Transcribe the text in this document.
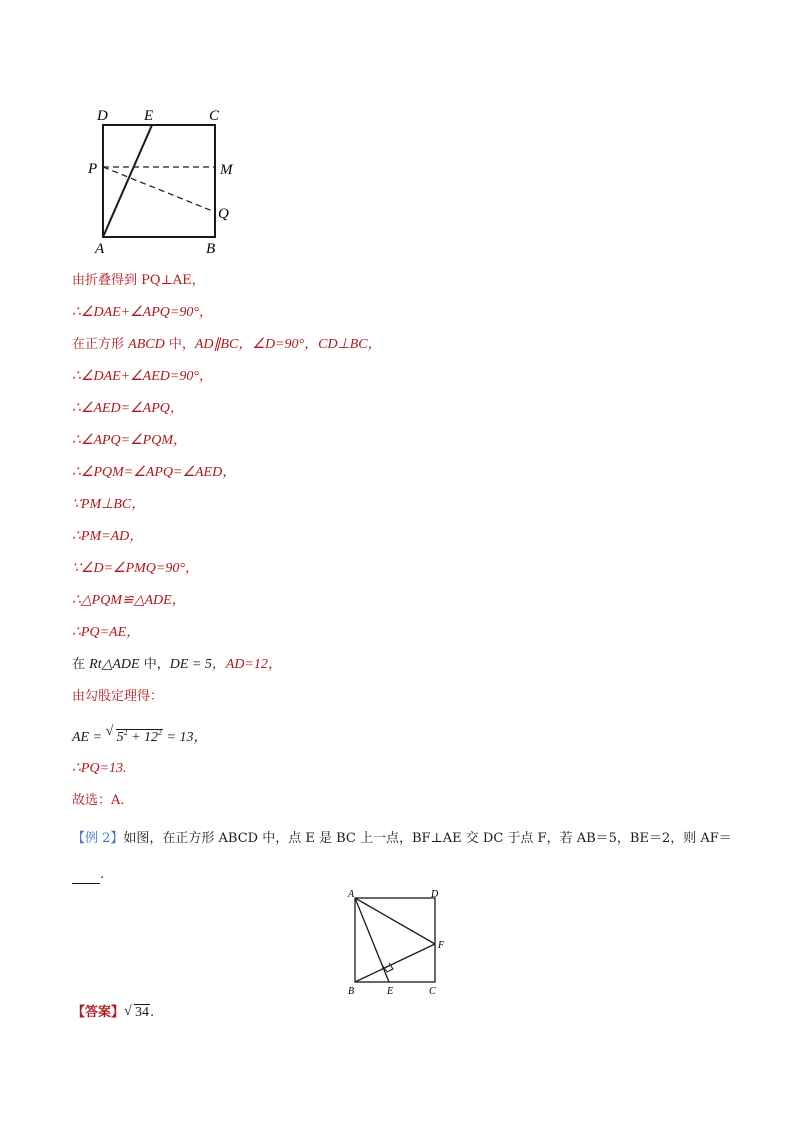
D E	C
P	M
Q
A	B
由折叠得到 PQ⊥AE，
∴∠DAE+∠APQ=90°，
在正方形 ABCD 中，AD∥BC，∠D=90°，CD⊥BC，
∴∠DAE+∠AED=90°，
∴∠AED=∠APQ，
∴∠APQ=∠PQM，
∴∠PQM=∠APQ=∠AED，
∵PM⊥BC，
∴PM=AD，
∵∠D=∠PMQ=90°，
∴△PQM≌△ADE，
∴PQ=AE，
在 Rt△ADE 中，DE = 5，AD=12，
由勾股定理得：
AE = √ $5^2 + 12^2 = 13$，
∴PQ=13.
故选：A.
【例 2】如图，在正方形 ABCD 中，点 E 是 BC 上一点，BF⊥AE 交 DC 于点 F，若 AB＝5，BE＝2，则 AF＝
.
A	D
F
B	E	C
【答案】√ 34.
